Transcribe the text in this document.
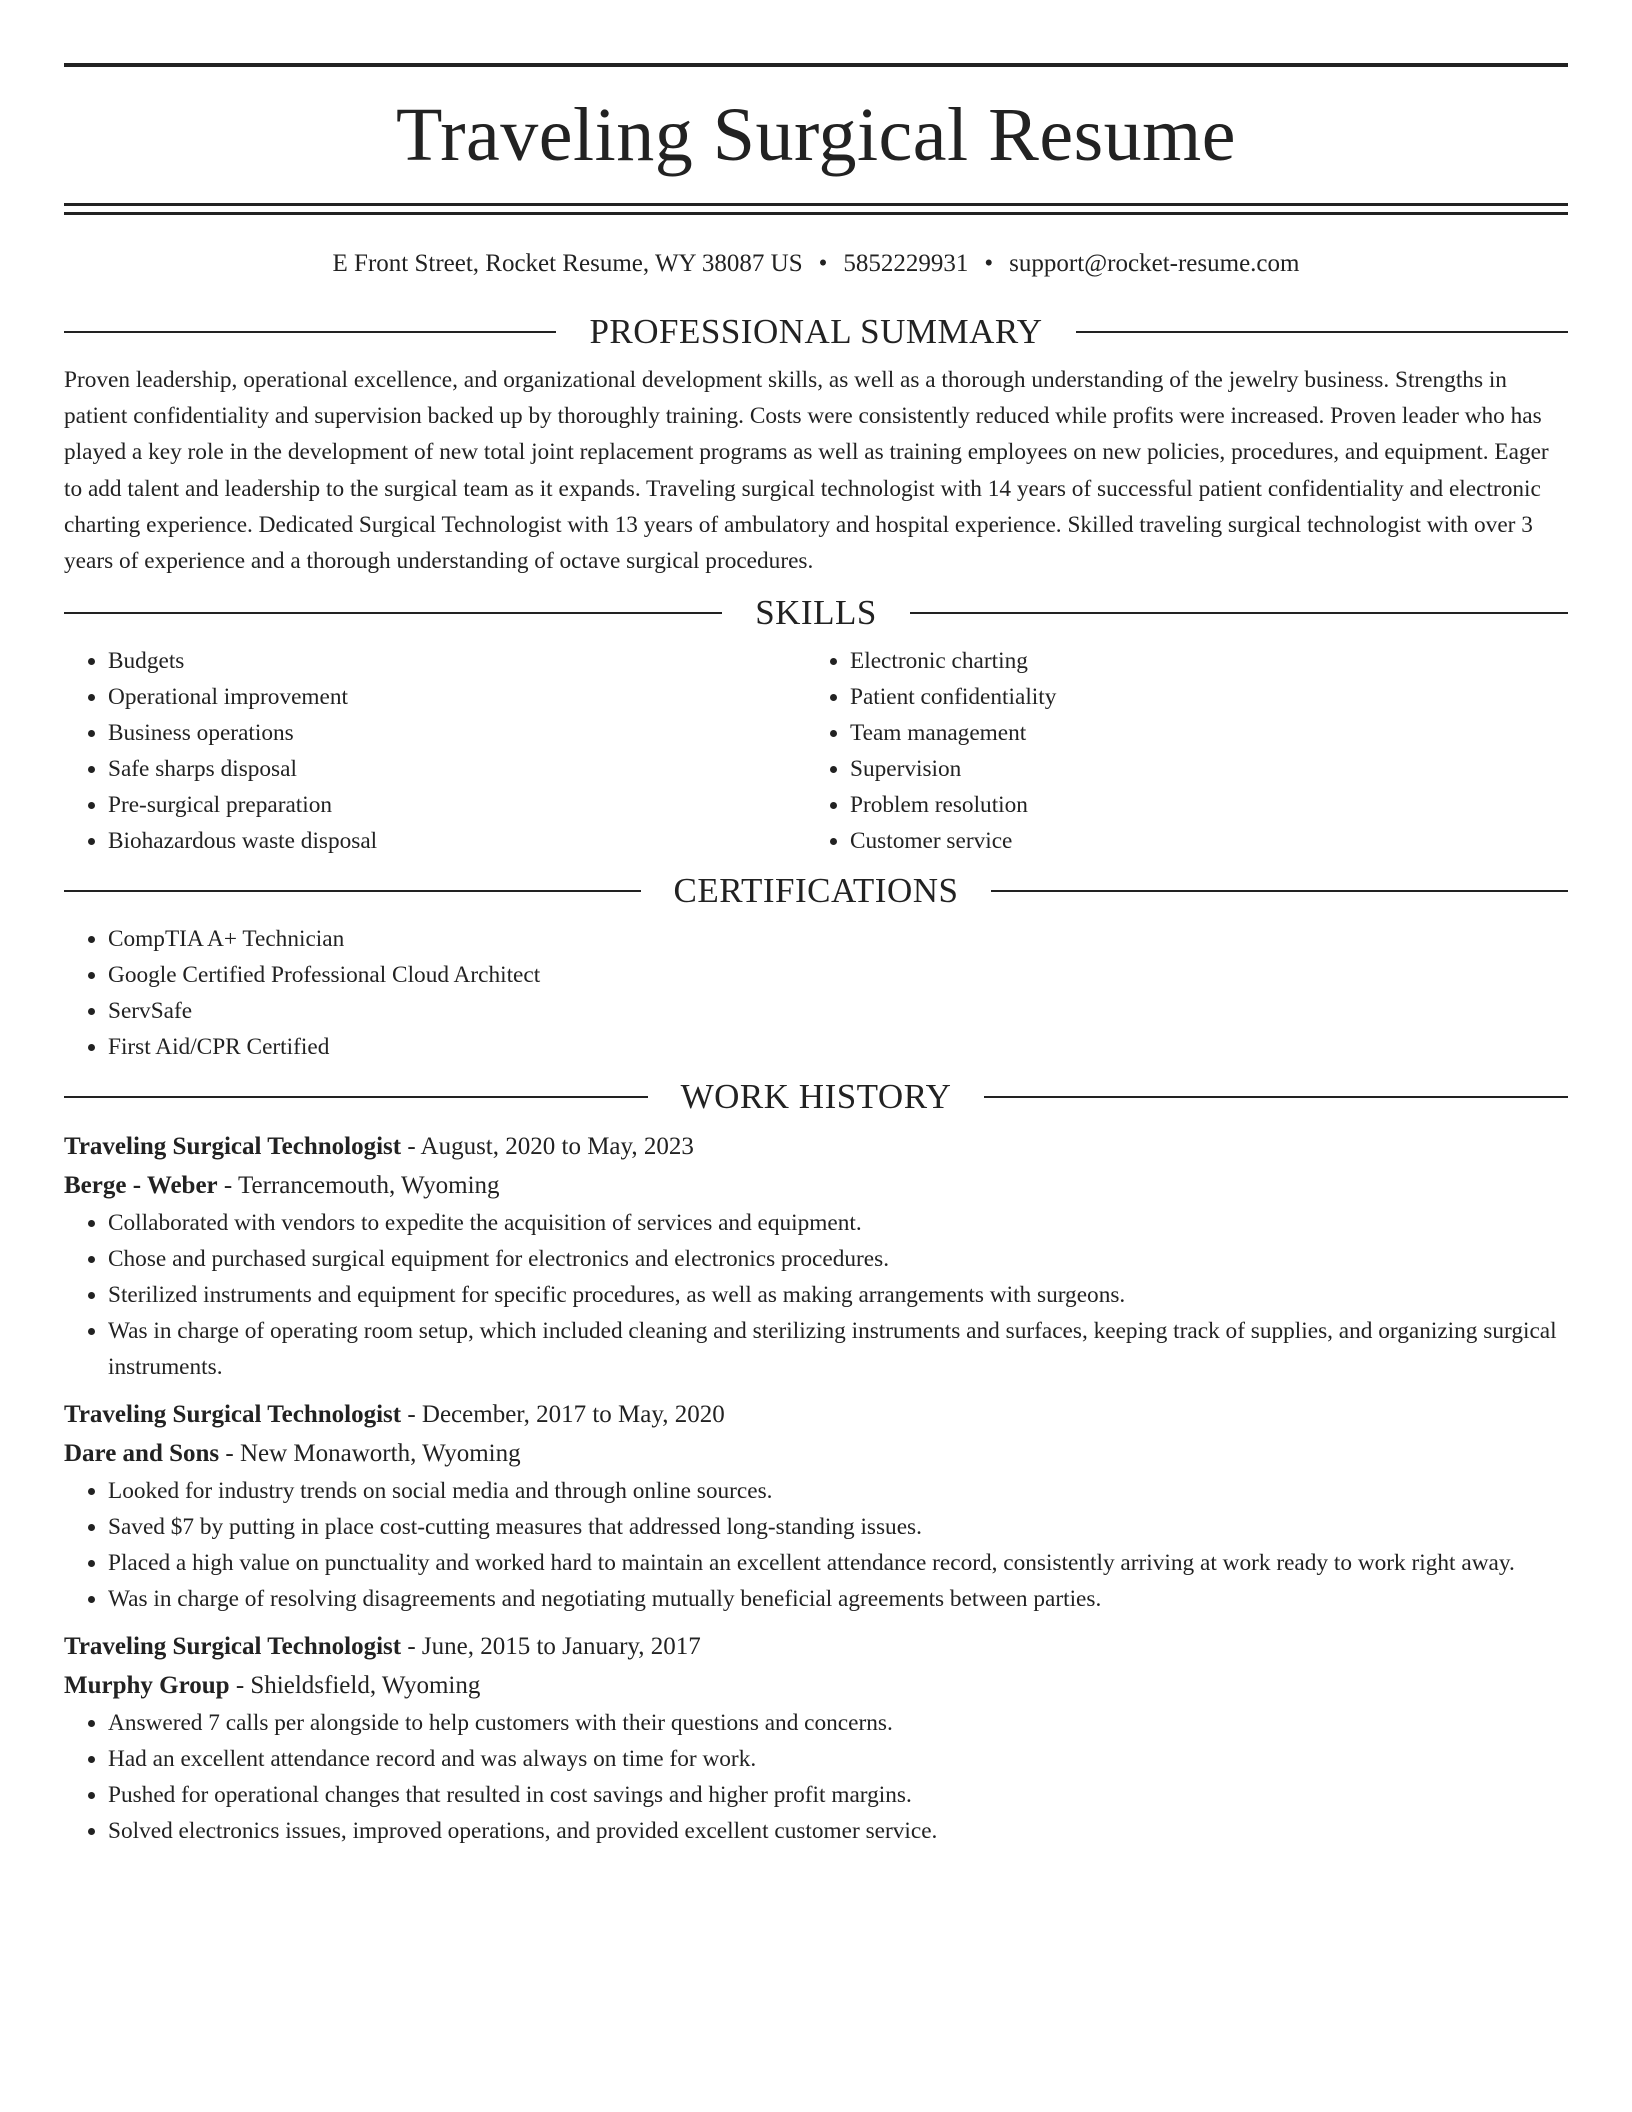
Traveling Surgical Resume
E Front Street, Rocket Resume, WY 38087 US • 5852229931 • support@rocket-resume.com
PROFESSIONAL SUMMARY

Proven leadership, operational excellence, and organizational development skills, as well as a thorough understanding of the jewelry business. Strengths in patient confidentiality and supervision backed up by thoroughly training. Costs were consistently reduced while profits were increased. Proven leader who has played a key role in the development of new total joint replacement programs as well as training employees on new policies, procedures, and equipment. Eager to add talent and leadership to the surgical team as it expands. Traveling surgical technologist with 14 years of successful patient confidentiality and electronic charting experience. Dedicated Surgical Technologist with 13 years of ambulatory and hospital experience. Skilled traveling surgical technologist with over 3 years of experience and a thorough understanding of octave surgical procedures.

SKILLS
• Budgets
• Operational improvement
• Business operations
• Safe sharps disposal
• Pre-surgical preparation
• Biohazardous waste disposal
• Electronic charting
• Patient confidentiality
• Team management
• Supervision
• Problem resolution
• Customer service
CERTIFICATIONS
• CompTIA A+ Technician
• Google Certified Professional Cloud Architect
• ServSafe
• First Aid/CPR Certified
WORK HISTORY
Traveling Surgical Technologist - August, 2020 to May, 2023
Berge - Weber - Terrancemouth, Wyoming
• Collaborated with vendors to expedite the acquisition of services and equipment.
• Chose and purchased surgical equipment for electronics and electronics procedures.
• Sterilized instruments and equipment for specific procedures, as well as making arrangements with surgeons.
• Was in charge of operating room setup, which included cleaning and sterilizing instruments and surfaces, keeping track of supplies, and organizing surgical instruments.
Traveling Surgical Technologist - December, 2017 to May, 2020
Dare and Sons - New Monaworth, Wyoming
• Looked for industry trends on social media and through online sources.
• Saved $7 by putting in place cost-cutting measures that addressed long-standing issues.
• Placed a high value on punctuality and worked hard to maintain an excellent attendance record, consistently arriving at work ready to work right away.
• Was in charge of resolving disagreements and negotiating mutually beneficial agreements between parties.
Traveling Surgical Technologist - June, 2015 to January, 2017
Murphy Group - Shieldsfield, Wyoming
• Answered 7 calls per alongside to help customers with their questions and concerns.
• Had an excellent attendance record and was always on time for work.
• Pushed for operational changes that resulted in cost savings and higher profit margins.
• Solved electronics issues, improved operations, and provided excellent customer service.
